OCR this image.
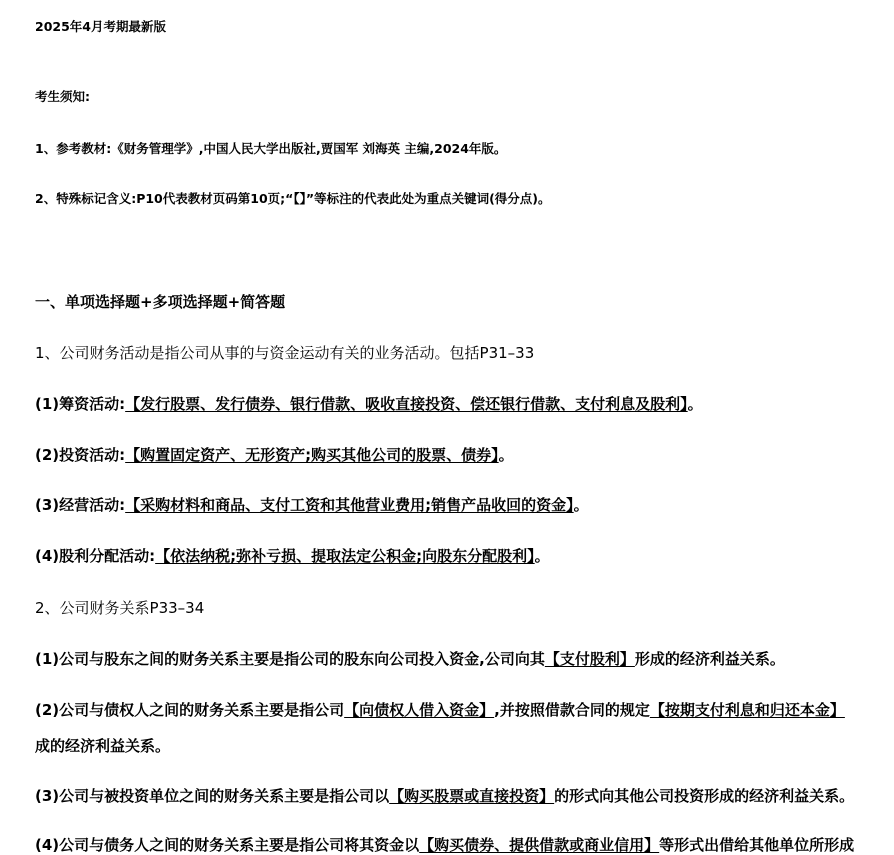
2025年4月考期最新版
考生须知:
1、参考教材:《财务管理学》,中国人民大学出版社,贾国军 刘海英 主编,2024年版。
2、特殊标记含义:P10代表教材页码第10页;“【】”等标注的代表此处为重点关键词(得分点)。
一、单项选择题+多项选择题+简答题
1、公司财务活动是指公司从事的与资金运动有关的业务活动。包括P31–33
(1)筹资活动:【发行股票、发行债券、银行借款、吸收直接投资、偿还银行借款、支付利息及股利】。
(2)投资活动:【购置固定资产、无形资产;购买其他公司的股票、债券】。
(3)经营活动:【采购材料和商品、支付工资和其他营业费用;销售产品收回的资金】。
(4)股利分配活动:【依法纳税;弥补亏损、提取法定公积金;向股东分配股利】。
2、公司财务关系P33–34
(1)公司与股东之间的财务关系主要是指公司的股东向公司投入资金,公司向其【支付股利】形成的经济利益关系。
(2)公司与债权人之间的财务关系主要是指公司【向债权人借入资金】,并按照借款合同的规定【按期支付利息和归还本金】
成的经济利益关系。
(3)公司与被投资单位之间的财务关系主要是指公司以【购买股票或直接投资】的形式向其他公司投资形成的经济利益关系。
(4)公司与债务人之间的财务关系主要是指公司将其资金以【购买债券、提供借款或商业信用】等形式出借给其他单位所形成
